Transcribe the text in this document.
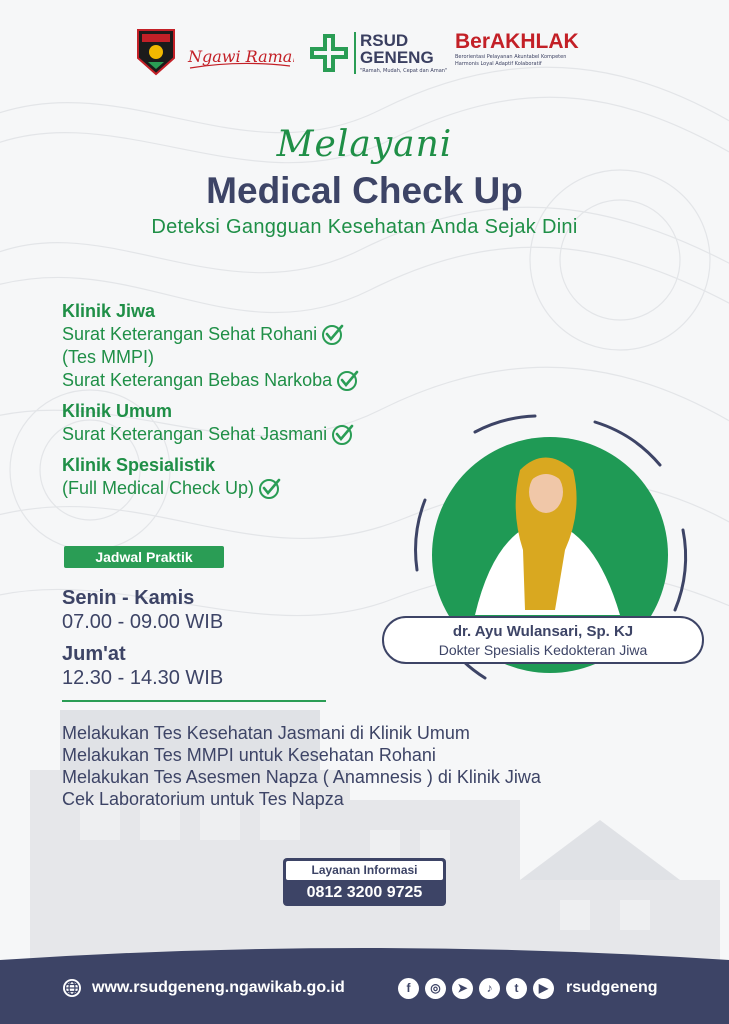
Ngawi Ramah
RSUD
GENENG
"Ramah, Mudah, Cepat dan Aman"
BerAKHLAK
Berorientasi Pelayanan Akuntabel Kompeten
Harmonis Loyal Adaptif Kolaboratif
Melayani
Medical Check Up
Deteksi Gangguan Kesehatan Anda Sejak Dini
Klinik Jiwa
Surat Keterangan Sehat Rohani
(Tes MMPI)
Surat Keterangan Bebas Narkoba
Klinik Umum
Surat Keterangan Sehat Jasmani
Klinik Spesialistik
(Full Medical Check Up)
Jadwal Praktik
Senin - Kamis
07.00 - 09.00 WIB
Jum'at
12.30 - 14.30 WIB
dr. Ayu Wulansari, Sp. KJ
Dokter Spesialis Kedokteran Jiwa
Melakukan Tes Kesehatan Jasmani di Klinik Umum
Melakukan Tes MMPI untuk Kesehatan Rohani
Melakukan Tes Asesmen Napza ( Anamnesis ) di Klinik Jiwa
Cek Laboratorium untuk Tes Napza
Layanan Informasi
0812 3200 9725
www.rsudgeneng.ngawikab.go.id	f	◎	➤	♪	t	▶	rsudgeneng
